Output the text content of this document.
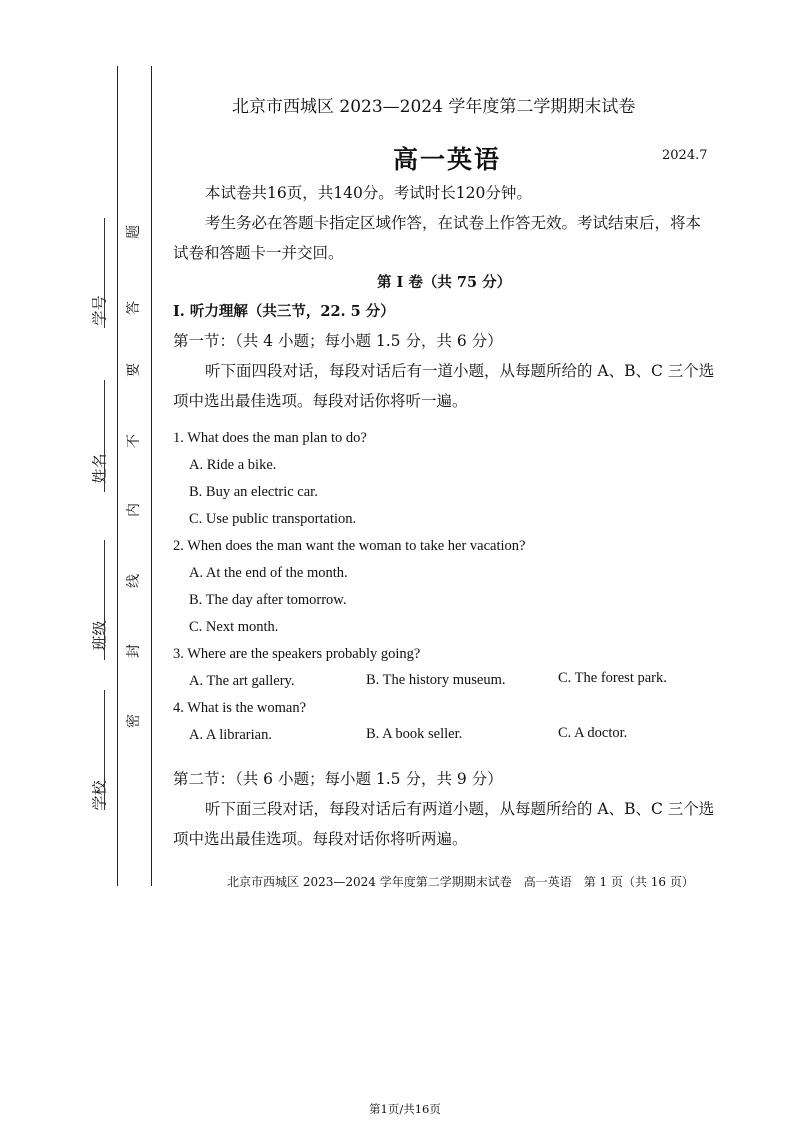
学号
姓名
班级
学校
题
答
要
不
内
线
封
密
北京市西城区 2023—2024 学年度第二学期期末试卷
高一英语	2024.7
本试卷共16页，共140分。考试时长120分钟。
考生务必在答题卡指定区域作答，在试卷上作答无效。考试结束后，将本
试卷和答题卡一并交回。
第 I 卷（共 75 分）
I. 听力理解（共三节，22. 5 分）
第一节：（共 4 小题；每小题 1.5 分，共 6 分）
听下面四段对话，每段对话后有一道小题，从每题所给的 A、B、C 三个选
项中选出最佳选项。每段对话你将听一遍。
1. What does the man plan to do?
A. Ride a bike.
B. Buy an electric car.
C. Use public transportation.
2. When does the man want the woman to take her vacation?
A. At the end of the month.
B. The day after tomorrow.
C. Next month.
3. Where are the speakers probably going?
A. The art gallery.	B. The history museum.	C. The forest park.
4. What is the woman?
A. A librarian.	B. A book seller.	C. A doctor.
第二节：（共 6 小题；每小题 1.5 分，共 9 分）
听下面三段对话，每段对话后有两道小题，从每题所给的 A、B、C 三个选
项中选出最佳选项。每段对话你将听两遍。
北京市西城区 2023—2024 学年度第二学期期末试卷　高一英语　第 1 页（共 16 页）
第1页/共16页
